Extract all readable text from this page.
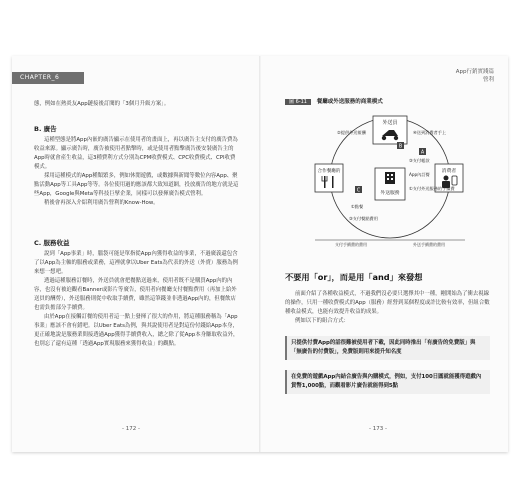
CHAPTER_6

態，例如在熱炎友App鏈接後訂閱的「3個月升級方案」。

B. 廣告

這種型態是將App內嵌的廣告顯示在使用者的畫面上，再以廣告主支付的廣告費為收益來源。顯示廣告時，廣告被使用者點擊時，或是使用者點擊廣告後安裝廣告主的App時就會產生收益，這3種費利方式分別為CPM收費模式、CPC收費模式、CPI收費模式。

採用這種模式的App種類繁多，例如休閒遊戲，或數據與新聞等數位內容App、聚點活動App等工具App等等。各位使用過的應該都大致知道網，投放廣告的地方就是這些App，Google與Meta等科技巨擘企業，同樣可以發揮廣告模式營利。

稍後會再深入介紹利用廣告營利的Know-How。

C. 服務收益

說到「App事業」時，腦袋可能是單指從App內獲得收益的事業，不過廣義還包含了以App為主軸的服務或業務，這裡就拿以Uber Eats為代表的外送（外賣）服務為例來想一想吧。

透過這種服務訂餐時，外送員就會把餐點送過來，使用者既不是購買App內的內容，也沒有被迫觀看Banner或影片等廣告，使用者向餐廳支付餐點費用（再加上給外送員的酬勞），外送服務則從中收取手續費，雖然這筆錢並非透過App內的，但餐飲店也需負擔部分手續費。

由於App在接觸訂餐的使用者這一點上發揮了很大的作用，將這種服務稱為「App事業」應該不會有錯吧。以Uber Eats為例，與其說使用者是對這份付錢給App本身，更正確地說是服務業間接透過App獲得手續費收入，總之除了從App本身賺取收益外，也別忘了還有這種「透過App實現服務來獲得收益」的觀點。

- 172 -
App行銷實踐篇
營利
圖 6-11 餐廳或外送服務的商業模式
外送員
合作餐廳的
外送服務
消費者
②提供外送報酬	④送到消費者手上
①點餐
③支付帳款
App內訂餐
①支付外送服務的手續費
③支付餐點費用
A
B
C
支付手續費的費用	外送手續費的費用
不要用「or」，而是用「and」來發想

前面介紹了各種收益模式，不過我們沒必要只選擇其中一種，剛開始為了衝去視線的操作，只用一種收費模式的App（服務）經營到某個程度或許比較有效率，但組合數種收益模式，也能有效提升收益的成果。

例如以下的組合方式：

只提供付費App的話很難被使用者下載，因此同時推出「有廣告的免費版」與「無廣告的付費版」，免費版則用來提升知名度
在免費的遊戲App內結合廣告與內購模式，例如，支付100日圓就能獲得遊戲內貨幣1,000點，而觀看影片廣告就能得到5點
- 173 -
